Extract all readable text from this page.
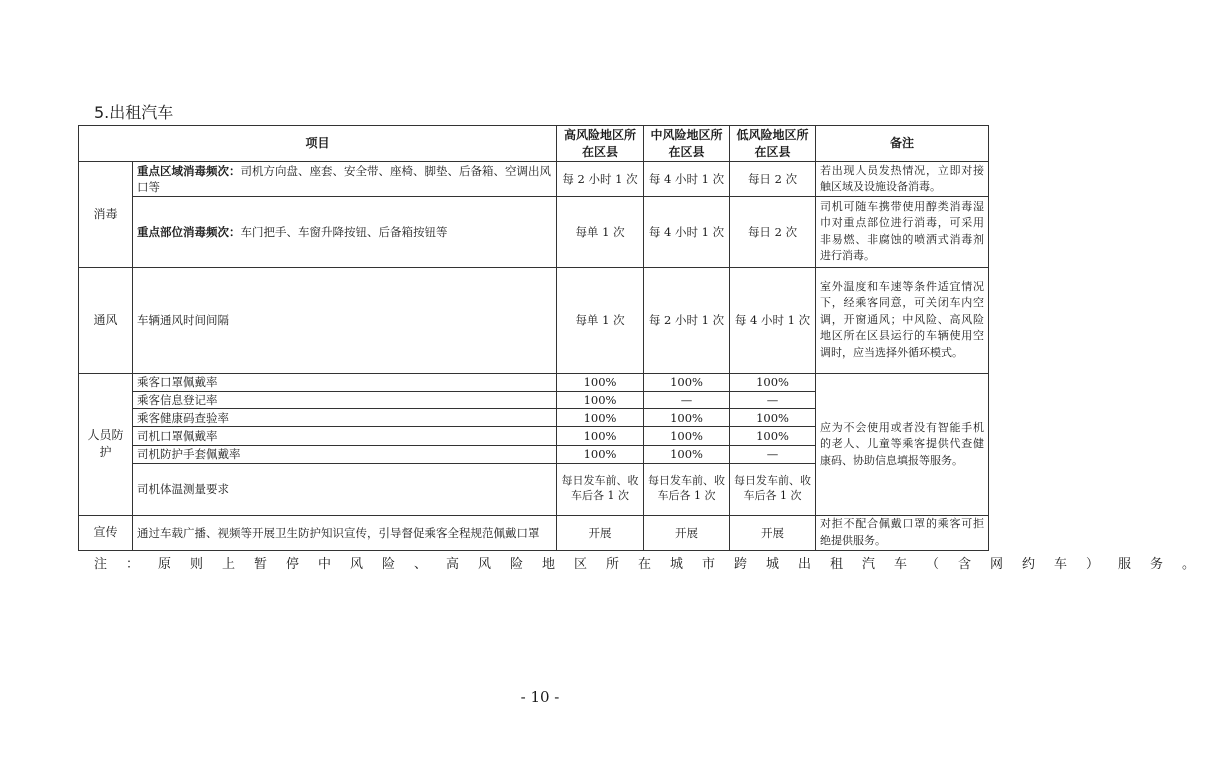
5.出租汽车
项目		高风险地区所在区县	中风险地区所在区县	低风险地区所在区县	备注
消毒	重点区域消毒频次：司机方向盘、座套、安全带、座椅、脚垫、后备箱、空调出风口等	每 2 小时 1 次	每 4 小时 1 次	每日 2 次	若出现人员发热情况，立即对接触区域及设施设备消毒。
	重点部位消毒频次：车门把手、车窗升降按钮、后备箱按钮等	每单 1 次	每 4 小时 1 次	每日 2 次	司机可随车携带使用醇类消毒湿巾对重点部位进行消毒，可采用非易燃、非腐蚀的喷洒式消毒剂进行消毒。
通风	车辆通风时间间隔	每单 1 次	每 2 小时 1 次	每 4 小时 1 次	室外温度和车速等条件适宜情况下，经乘客同意，可关闭车内空调，开窗通风；中风险、高风险地区所在区县运行的车辆使用空调时，应当选择外循环模式。
人员防护	乘客口罩佩戴率	100%	100%	100%	应为不会使用或者没有智能手机的老人、儿童等乘客提供代查健康码、协助信息填报等服务。
	乘客信息登记率	100%	—	—	
	乘客健康码查验率	100%	100%	100%	
	司机口罩佩戴率	100%	100%	100%	
	司机防护手套佩戴率	100%	100%	—	
	司机体温测量要求	每日发车前、收车后各 1 次	每日发车前、收车后各 1 次	每日发车前、收车后各 1 次	
宣传	通过车载广播、视频等开展卫生防护知识宣传，引导督促乘客全程规范佩戴口罩	开展	开展	开展	对拒不配合佩戴口罩的乘客可拒绝提供服务。
注：原则上暂停中风险、高风险地区所在城市跨城出租汽车（含网约车）服务。
- 10 -
